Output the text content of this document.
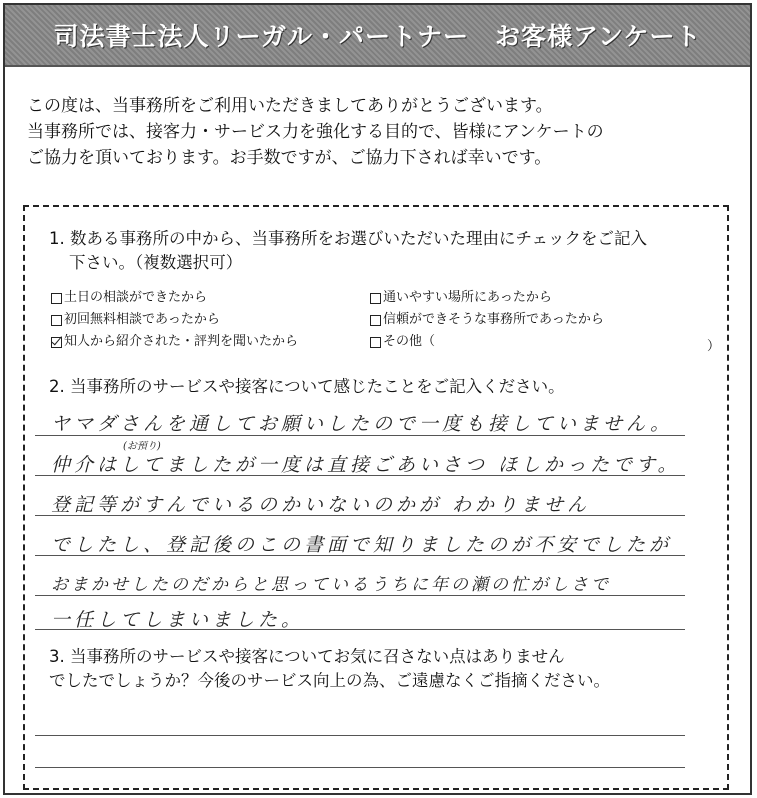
司法書士法人リーガル・パートナー　お客様アンケート
この度は、当事務所をご利用いただきましてありがとうございます。
当事務所では、接客力・サービス力を強化する目的で、皆様にアンケートの
ご協力を頂いております。お手数ですが、ご協力下されば幸いです。
1. 数ある事務所の中から、当事務所をお選びいただいた理由にチェックをご記入
下さい。（複数選択可）
土日の相談ができたから	通いやすい場所にあったから
初回無料相談であったから	信頼ができそうな事務所であったから
知人から紹介された・評判を聞いたから	その他（	）
2. 当事務所のサービスや接客について感じたことをご記入ください。
ヤマダさんを通してお願いしたので一度も接していません。
(お預り)
仲介はしてましたが一度は直接ごあいさつ ほしかったです。
登記等がすんでいるのかいないのかが わかりません
でしたし、登記後のこの書面で知りましたのが不安でしたが
おまかせしたのだからと思っているうちに年の瀬の忙がしさで
一任してしまいました。
3. 当事務所のサービスや接客についてお気に召さない点はありません
でしたでしょうか？今後のサービス向上の為、ご遠慮なくご指摘ください。
